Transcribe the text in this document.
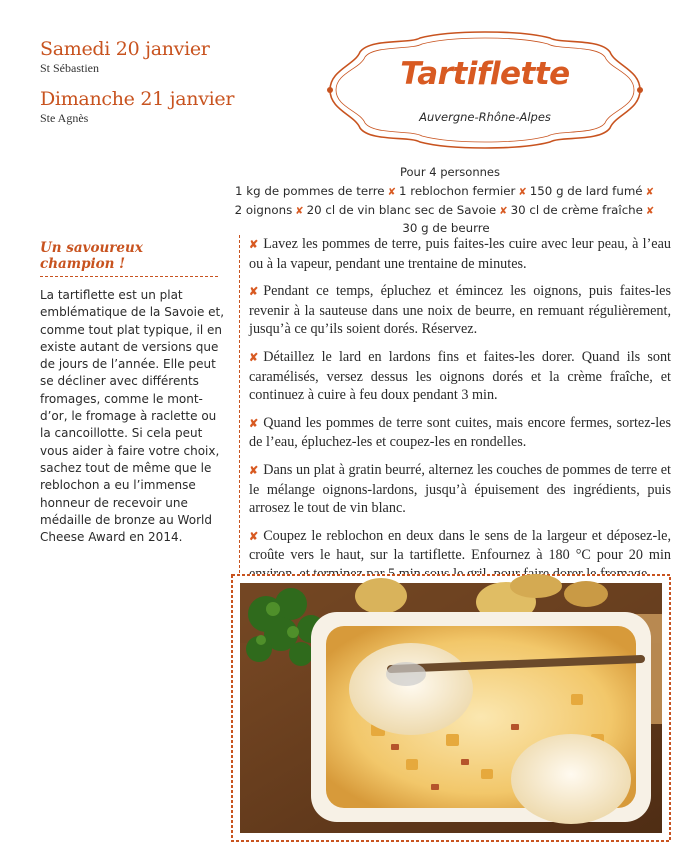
Samedi 20 janvier
St Sébastien
Dimanche 21 janvier
Ste Agnès
Tartiflette
Auvergne-Rhône-Alpes
Pour 4 personnes
1 kg de pommes de terre ✘ 1 reblochon fermier ✘ 150 g de lard fumé ✘
2 oignons ✘ 20 cl de vin blanc sec de Savoie ✘ 30 cl de crème fraîche ✘
30 g de beurre
Un savoureux champion !
La tartiflette est un plat emblématique de la Savoie et, comme tout plat typique, il en existe autant de versions que de jours de l’année. Elle peut se décliner avec différents fromages, comme le mont-d’or, le fromage à raclette ou la cancoillotte. Si cela peut vous aider à faire votre choix, sachez tout de même que le reblochon a eu l’immense honneur de recevoir une médaille de bronze au World Cheese Award en 2014.

✘ Lavez les pommes de terre, puis faites-les cuire avec leur peau, à l’eau ou à la vapeur, pendant une trentaine de minutes.

✘ Pendant ce temps, épluchez et émincez les oignons, puis faites-les revenir à la sauteuse dans une noix de beurre, en remuant régulièrement, jusqu’à ce qu’ils soient dorés. Réservez.

✘ Détaillez le lard en lardons fins et faites-les dorer. Quand ils sont caramélisés, versez dessus les oignons dorés et la crème fraîche, et continuez à cuire à feu doux pendant 3 min.

✘ Quand les pommes de terre sont cuites, mais encore fermes, sortez-les de l’eau, épluchez-les et coupez-les en rondelles.

✘ Dans un plat à gratin beurré, alternez les couches de pommes de terre et le mélange oignons-lardons, jusqu’à épuisement des ingrédients, puis arrosez le tout de vin blanc.

✘ Coupez le reblochon en deux dans le sens de la largeur et déposez-le, croûte vers le haut, sur la tartiflette. Enfournez à 180 °C pour 20 min
